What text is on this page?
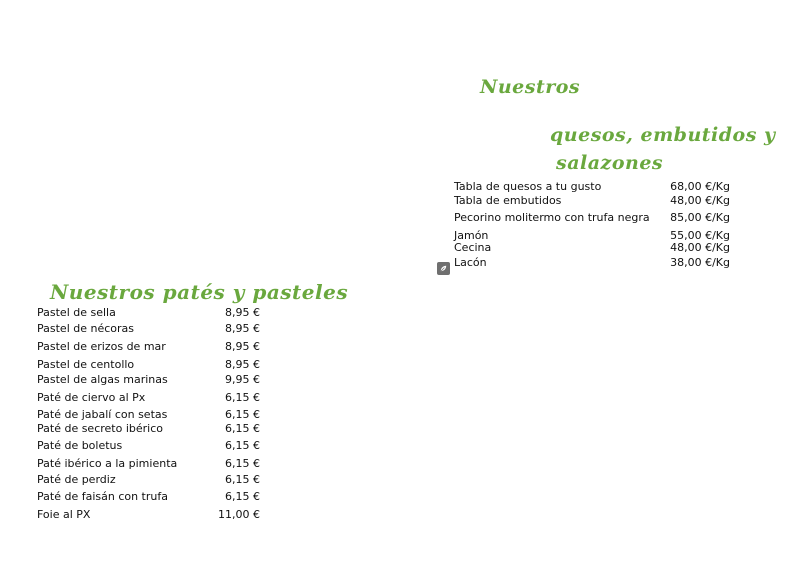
Nuestros
quesos, embutidos y
salazones
Tabla de quesos a tu gusto	68,00 €/Kg
Tabla de embutidos	48,00 €/Kg
Pecorino molitermo con trufa negra 85,00 €/Kg
Jamón	55,00 €/Kg
Cecina	48,00 €/Kg
Lacón	38,00 €/Kg
Nuestros patés y pasteles
Pastel de sella	8,95 €
Pastel de nécoras	8,95 €
Pastel de erizos de mar	8,95 €
Pastel de centollo	8,95 €
Pastel de algas marinas	9,95 €
Paté de ciervo al Px	6,15 €
Paté de jabalí con setas	6,15 €
Paté de secreto ibérico	6,15 €
Paté de boletus	6,15 €
Paté ibérico a la pimienta	6,15 €
Paté de perdiz	6,15 €
Paté de faisán con trufa	6,15 €
Foie al PX	11,00 €
